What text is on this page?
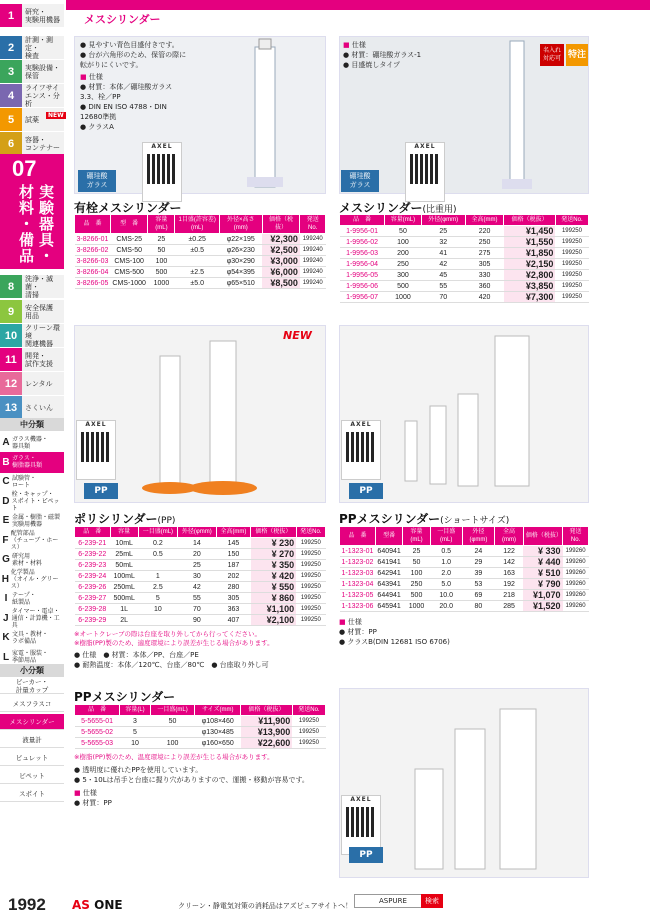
1	研究・
実験用機器
2
計測・測定・
検査
3	実験設備・
保管
4
ライフサイ
エンス・分析
5	試薬
6	容器・
コンテナー
NEW
07
実験器具・
材料・備品
8
洗浄・滅菌・
清掃
9	安全保護
用品
10
クリーン環境
関連機器
11	開発・
試作支援
12	レンタル
13	さくいん
中分類
A ガラス機器・
器具類
B ガラス・
樹脂器具類
C 試験管・
ロート
D
栓・キャップ・
スポイト・ピペット
E 金属・樹脂・磁製
実験用機器
F
配管部品
（チューブ・ホース）
G 研究用
素材・材料
H
化学製品
（オイル・グリース）
I テープ・
紙製品
J
タイマー・電卓・
通信・計算機・工具
K 文具・教材・
ラボ備品
L 家電・服装・
季節用品
小分類
ビーカー・
計量カップ
メスフラスコ
メスシリンダー
液量計
ビュレット
ピペット
スポイト
メスシリンダー
● 見やすい青色目盛付きです。
● 台が六角形のため、保管の際に転がりにくいです。
■ 仕様
● 材質：本体／硼珪酸ガラス3.3、栓／PP
● DIN EN ISO 4788・DIN 12680準拠
● クラスA
硼珪酸
ガラス
AXEL
有栓メスシリンダー
品　番	型　番	容量 (mL)	1目盛(許容差) (mL)	外径×高さ (mm)	価格（税抜）	発送No.
3-8266-01	CMS-25	25	±0.25	φ22×195	¥2,300	199240
3-8266-02	CMS-50	50	±0.5	φ26×230	¥2,500	199240
3-8266-03	CMS-100	100		φ30×290	¥3,000	199240
3-8266-04	CMS-500	500	±2.5	φ54×395	¥6,000	199240
3-8266-05	CMS-1000	1000	±5.0	φ65×510	¥8,500	199240
■ 仕様
● 材質：硼珪酸ガラス-1
● 目盛焼しタイプ
名入れ
対応可 特注
AXEL
硼珪酸
ガラス
メスシリンダー(比重用)
品　番	容量(mL)	外径(φmm)	全高(mm)	価格（税抜）	発送No.
1-9956-01	50	25	220	¥1,450	199250
1-9956-02	100	32	250	¥1,550	199250
1-9956-03	200	41	275	¥1,850	199250
1-9956-04	250	42	305	¥2,150	199250
1-9956-05	300	45	330	¥2,800	199250
1-9956-06	500	55	360	¥3,850	199250
1-9956-07	1000	70	420	¥7,300	199250
NEW
AXEL
PP
ポリシリンダー(PP)
品　番	容量	一目盛(mL)	外径(φmm)	全高(mm)	価格（税抜）	発送No.
6-239-21	10mL	0.2	14	145	¥ 230	199250
6-239-22	25mL	0.5	20	150	¥ 270	199250
6-239-23	50mL		25	187	¥ 350	199250
6-239-24	100mL	1	30	202	¥ 420	199250
6-239-26	250mL	2.5	42	280	¥ 550	199250
6-239-27	500mL	5	55	305	¥ 860	199250
6-239-28	1L	10	70	363	¥1,100	199250
6-239-29	2L		90	407	¥2,100	199250
※オートクレーブの際は台座を取り外してから行ってください。
※樹脂(PP)製のため、適度環境により誤差が生じる場合があります。
● 仕様　● 材質：本体／PP、台座／PE
● 耐熱温度：本体／120℃、台座／80℃　● 台座取り外し可
AXEL
PP
PPメスシリンダー(ショートサイズ)
品　番	型番	容量(mL)	一目盛(mL)	外径(φmm)	全高(mm)	価格（税抜）	発送No.
1-1323-01	640941	25	0.5	24	122	¥ 330	199260
1-1323-02	641941	50	1.0	29	142	¥ 440	199260
1-1323-03	642941	100	2.0	39	163	¥ 510	199260
1-1323-04	643941	250	5.0	53	192	¥ 790	199260
1-1323-05	644941	500	10.0	69	218	¥1,070	199260
1-1323-06	645941	1000	20.0	80	285	¥1,520	199260
■ 仕様
● 材質：PP
● クラスB(DIN 12681 ISO 6706)
PPメスシリンダー
品　番	容量(L)	一目盛(mL)	サイズ(mm)	価格（税抜）	発送No.
5-5655-01	3	50	φ108×460	¥11,900	199250
5-5655-02	5		φ130×485	¥13,900	199250
5-5655-03	10	100	φ160×650	¥22,600	199250
※樹脂(PP)製のため、温度環境により誤差が生じる場合があります。
● 透明度に優れたPPを使用しています。
● 5・10Lは吊手と台座に握り穴がありますので、運搬・移動が容易です。
■ 仕様
● 材質：PP	AXEL
PP
1992 AS ONE	クリーン・静電気対策の消耗品はアズピュアサイトへ！
ASPURE	検索
